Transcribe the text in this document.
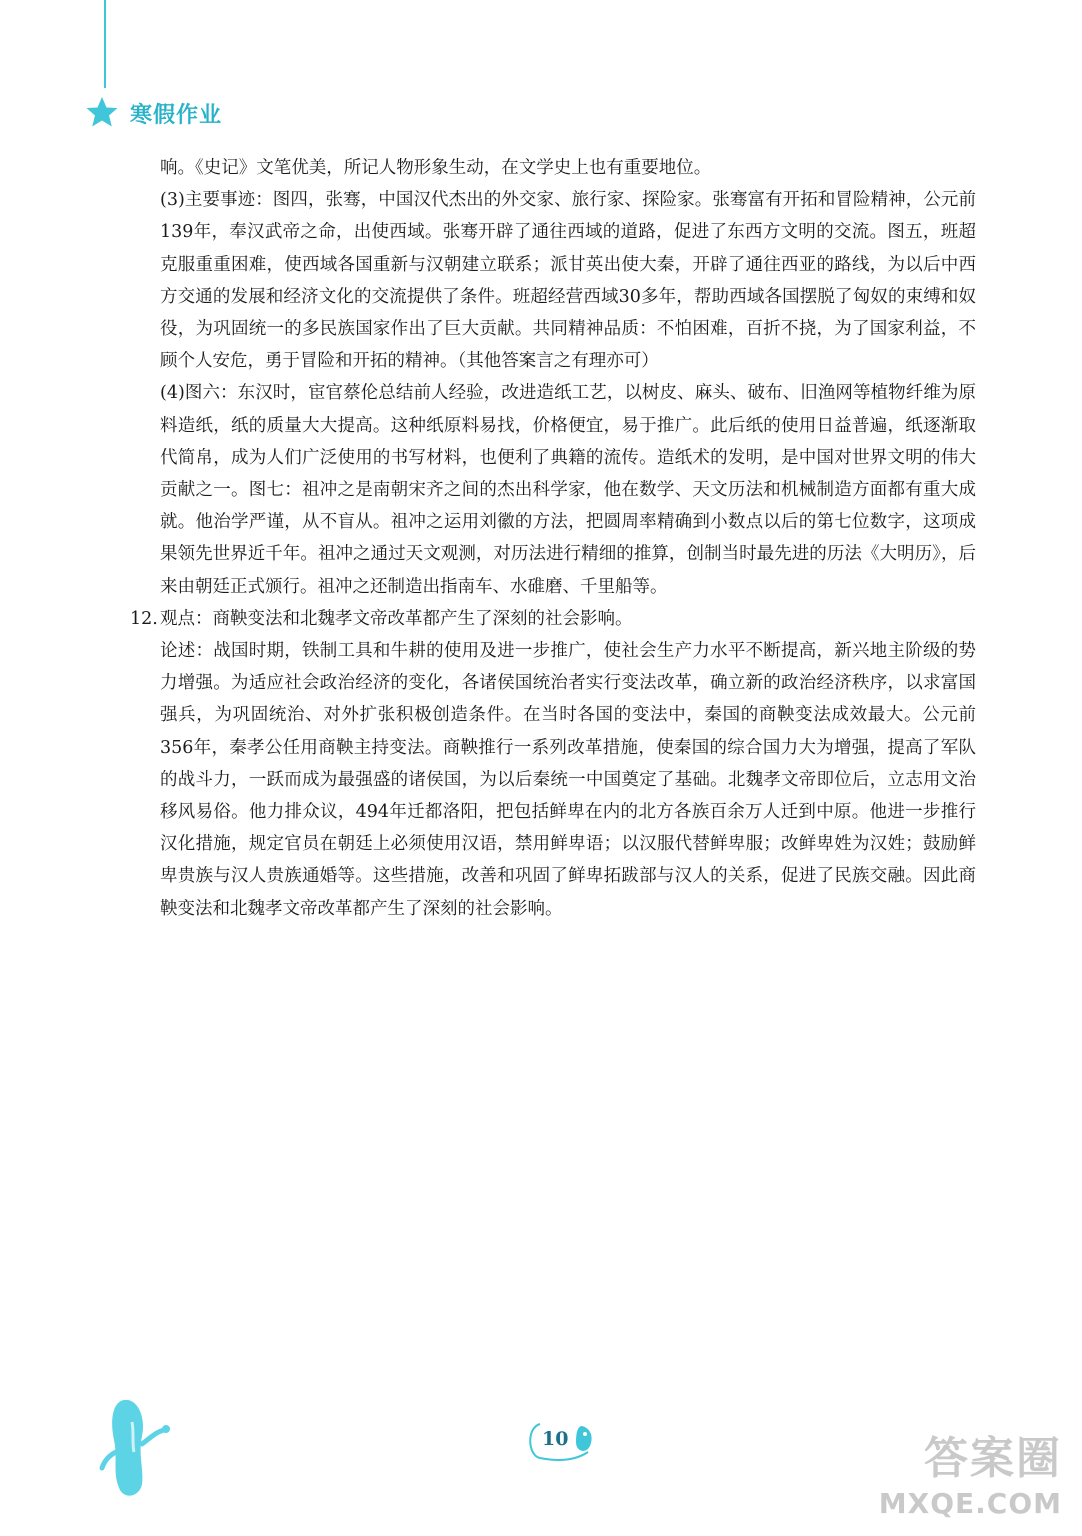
寒假作业

响。《史记》文笔优美，所记人物形象生动，在文学史上也有重要地位。

(3)主要事迹：图四，张骞，中国汉代杰出的外交家、旅行家、探险家。张骞富有开拓和冒险精神，公元前139年，奉汉武帝之命，出使西域。张骞开辟了通往西域的道路，促进了东西方文明的交流。图五，班超克服重重困难，使西域各国重新与汉朝建立联系；派甘英出使大秦，开辟了通往西亚的路线，为以后中西方交通的发展和经济文化的交流提供了条件。班超经营西域30多年，帮助西域各国摆脱了匈奴的束缚和奴役，为巩固统一的多民族国家作出了巨大贡献。共同精神品质：不怕困难，百折不挠，为了国家利益，不顾个人安危，勇于冒险和开拓的精神。（其他答案言之有理亦可）

(4)图六：东汉时，宦官蔡伦总结前人经验，改进造纸工艺，以树皮、麻头、破布、旧渔网等植物纤维为原料造纸，纸的质量大大提高。这种纸原料易找，价格便宜，易于推广。此后纸的使用日益普遍，纸逐渐取代简帛，成为人们广泛使用的书写材料，也便利了典籍的流传。造纸术的发明，是中国对世界文明的伟大贡献之一。图七：祖冲之是南朝宋齐之间的杰出科学家，他在数学、天文历法和机械制造方面都有重大成就。他治学严谨，从不盲从。祖冲之运用刘徽的方法，把圆周率精确到小数点以后的第七位数字，这项成果领先世界近千年。祖冲之通过天文观测，对历法进行精细的推算，创制当时最先进的历法《大明历》，后来由朝廷正式颁行。祖冲之还制造出指南车、水碓磨、千里船等。

12. 观点：商鞅变法和北魏孝文帝改革都产生了深刻的社会影响。

论述：战国时期，铁制工具和牛耕的使用及进一步推广，使社会生产力水平不断提高，新兴地主阶级的势力增强。为适应社会政治经济的变化，各诸侯国统治者实行变法改革，确立新的政治经济秩序，以求富国强兵，为巩固统治、对外扩张积极创造条件。在当时各国的变法中，秦国的商鞅变法成效最大。公元前356年，秦孝公任用商鞅主持变法。商鞅推行一系列改革措施，使秦国的综合国力大为增强，提高了军队的战斗力，一跃而成为最强盛的诸侯国，为以后秦统一中国奠定了基础。北魏孝文帝即位后，立志用文治移风易俗。他力排众议，494年迁都洛阳，把包括鲜卑在内的北方各族百余万人迁到中原。他进一步推行汉化措施，规定官员在朝廷上必须使用汉语，禁用鲜卑语；以汉服代替鲜卑服；改鲜卑姓为汉姓；鼓励鲜卑贵族与汉人贵族通婚等。这些措施，改善和巩固了鲜卑拓跋部与汉人的关系，促进了民族交融。因此商鞅变法和北魏孝文帝改革都产生了深刻的社会影响。

10	答案圈
MXQE.COM
